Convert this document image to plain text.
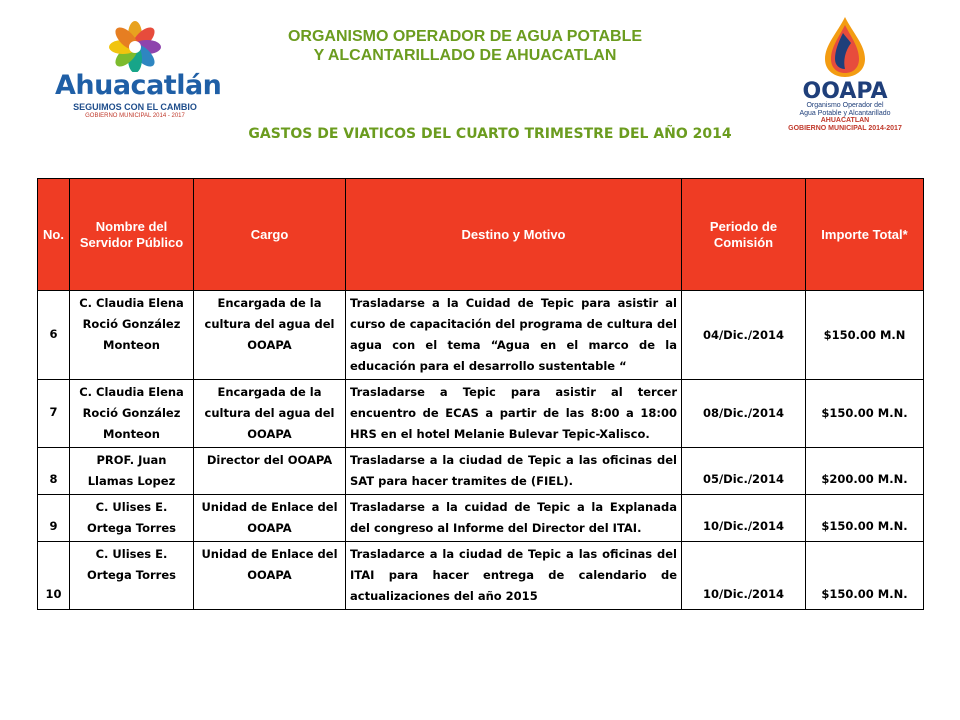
Ahuacatlán
SEGUIMOS CON EL CAMBIO
GOBIERNO MUNICIPAL 2014 - 2017
ORGANISMO OPERADOR DE AGUA POTABLE
Y ALCANTARILLADO DE AHUACATLAN
OOAPA
Organismo Operador del
Agua Potable y Alcantarillado
AHUACATLAN
GOBIERNO MUNICIPAL 2014-2017
GASTOS DE VIATICOS DEL CUARTO TRIMESTRE DEL AÑO 2014
No.	Nombre del Servidor Público	Cargo	Destino y Motivo	Periodo de Comisión	Importe Total*
6	C. Claudia Elena Roció González Monteon	Encargada de la cultura del agua del OOAPA	Trasladarse a la Cuidad de Tepic para asistir al curso de capacitación del programa de cultura del agua con el tema “Agua en el marco de la educación para el desarrollo sustentable “	04/Dic./2014	$150.00 M.N
7	C. Claudia Elena Roció González Monteon	Encargada de la cultura del agua del OOAPA	Trasladarse a Tepic para asistir al tercer encuentro de ECAS a partir de las 8:00 a 18:00 HRS en el hotel Melanie Bulevar Tepic-Xalisco.	08/Dic./2014	$150.00 M.N.
8	PROF. Juan Llamas Lopez	Director del OOAPA	Trasladarse a la ciudad de Tepic a las oficinas del SAT para hacer tramites de (FIEL).	05/Dic./2014	$200.00 M.N.
9	C. Ulises E. Ortega Torres	Unidad de Enlace del OOAPA	Trasladarse a la cuidad de Tepic a la Explanada del congreso al Informe del Director del ITAI.	10/Dic./2014	$150.00 M.N.
10	C. Ulises E. Ortega Torres	Unidad de Enlace del OOAPA	Trasladarce a la ciudad de Tepic a las oficinas del ITAI para hacer entrega de calendario de actualizaciones del año 2015	10/Dic./2014	$150.00 M.N.
